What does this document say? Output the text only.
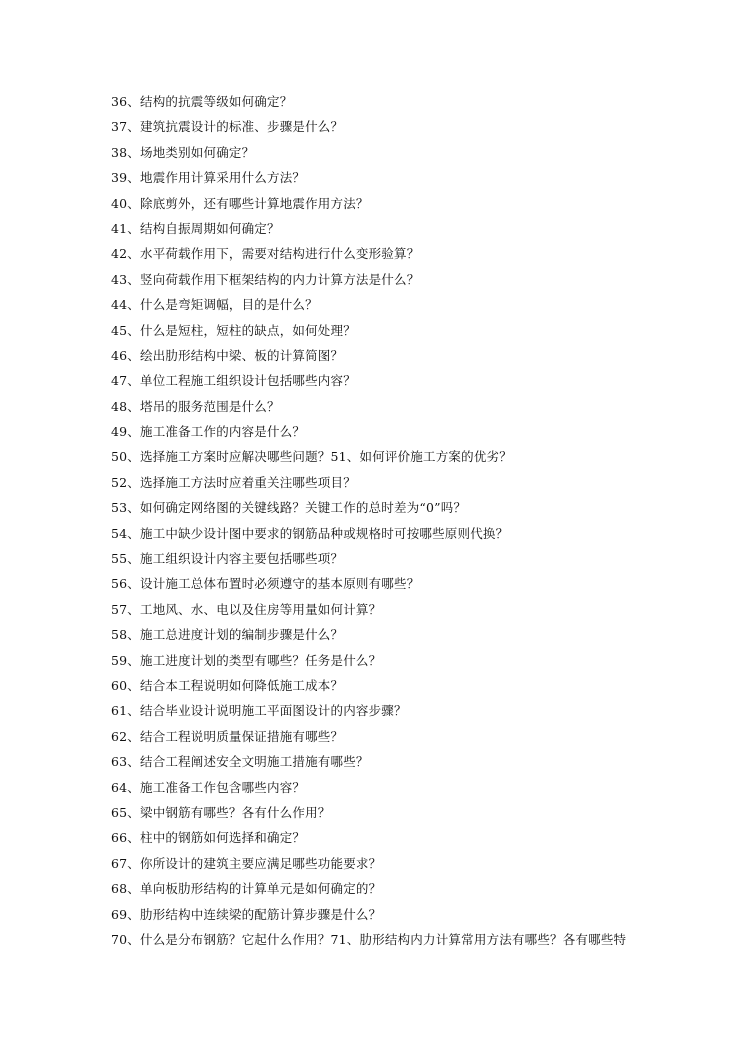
36、结构的抗震等级如何确定？
37、建筑抗震设计的标准、步骤是什么？
38、场地类别如何确定？
39、地震作用计算采用什么方法？
40、除底剪外，还有哪些计算地震作用方法？
41、结构自振周期如何确定？
42、水平荷载作用下，需要对结构进行什么变形验算？
43、竖向荷载作用下框架结构的内力计算方法是什么？
44、什么是弯矩调幅，目的是什么？
45、什么是短柱，短柱的缺点，如何处理？
46、绘出肋形结构中梁、板的计算简图？
47、单位工程施工组织设计包括哪些内容？
48、塔吊的服务范围是什么？
49、施工准备工作的内容是什么？
50、选择施工方案时应解决哪些问题？51、如何评价施工方案的优劣？
52、选择施工方法时应着重关注哪些项目？
53、如何确定网络图的关键线路？关键工作的总时差为“0”吗？
54、施工中缺少设计图中要求的钢筋品种或规格时可按哪些原则代换？
55、施工组织设计内容主要包括哪些项？
56、设计施工总体布置时必须遵守的基本原则有哪些？
57、工地风、水、电以及住房等用量如何计算？
58、施工总进度计划的编制步骤是什么？
59、施工进度计划的类型有哪些？任务是什么？
60、结合本工程说明如何降低施工成本？
61、结合毕业设计说明施工平面图设计的内容步骤？
62、结合工程说明质量保证措施有哪些？
63、结合工程阐述安全文明施工措施有哪些？
64、施工准备工作包含哪些内容？
65、梁中钢筋有哪些？各有什么作用？
66、柱中的钢筋如何选择和确定？
67、你所设计的建筑主要应满足哪些功能要求？
68、单向板肋形结构的计算单元是如何确定的？
69、肋形结构中连续梁的配筋计算步骤是什么？
70、什么是分布钢筋？它起什么作用？71、肋形结构内力计算常用方法有哪些？各有哪些特
